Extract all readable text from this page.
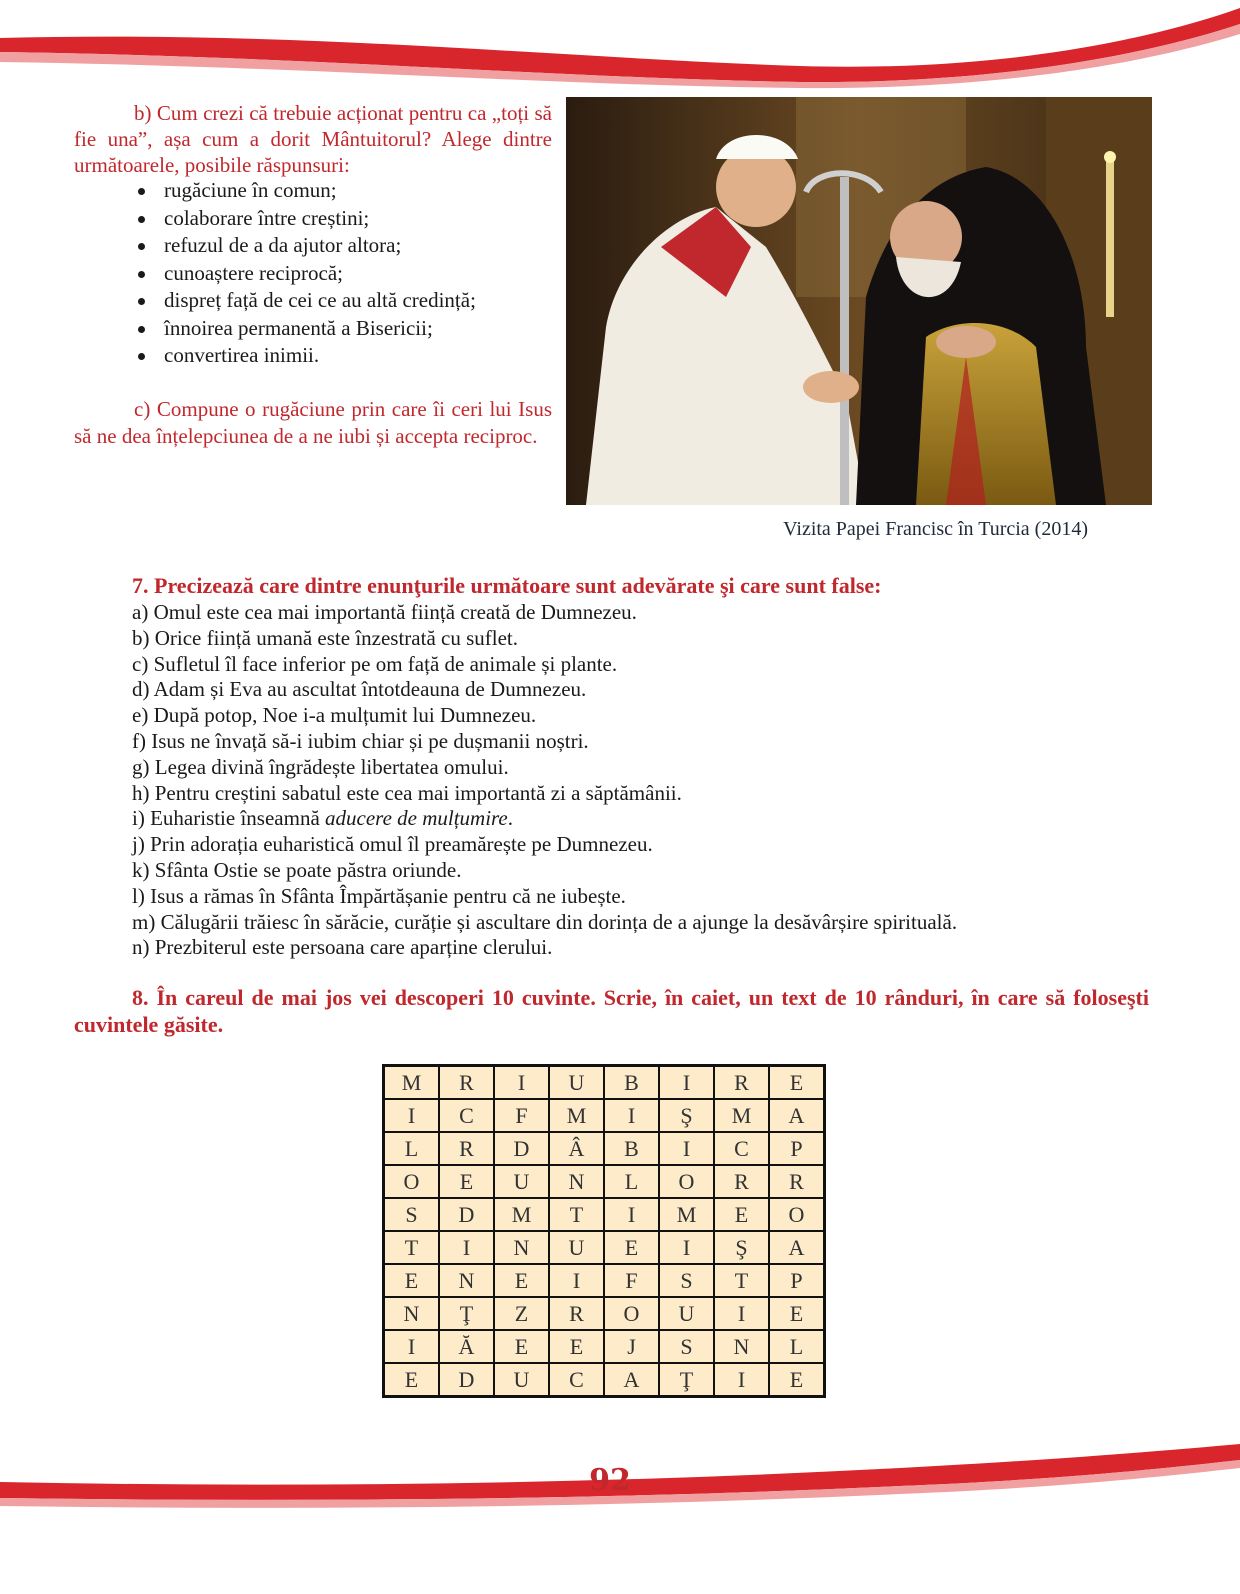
b) Cum crezi că trebuie acționat pentru ca „toți să fie una”, așa cum a dorit Mântuitorul? Alege dintre următoarele, posibile răspunsuri:
rugăciune în comun;
colaborare între creștini;
refuzul de a da ajutor altora;
cunoaștere reciprocă;
dispreț față de cei ce au altă credință;
înnoirea permanentă a Bisericii;
convertirea inimii.

c) Compune o rugăciune prin care îi ceri lui Isus să ne dea înțelepciunea de a ne iubi și accepta reciproc.

Vizita Papei Francisc în Turcia (2014)

7. Precizează care dintre enunţurile următoare sunt adevărate şi care sunt false:

a) Omul este cea mai importantă ființă creată de Dumnezeu.
b) Orice ființă umană este înzestrată cu suflet.
c) Sufletul îl face inferior pe om față de animale și plante.
d) Adam și Eva au ascultat întotdeauna de Dumnezeu.
e) După potop, Noe i-a mulțumit lui Dumnezeu.
f) Isus ne învață să-i iubim chiar și pe dușmanii noștri.
g) Legea divină îngrădește libertatea omului.
h) Pentru creștini sabatul este cea mai importantă zi a săptămânii.
i) Euharistie înseamnă aducere de mulțumire.
j) Prin adorația euharistică omul îl preamărește pe Dumnezeu.
k) Sfânta Ostie se poate păstra oriunde.
l) Isus a rămas în Sfânta Împărtășanie pentru că ne iubește.
m) Călugării trăiesc în sărăcie, curăție și ascultare din dorința de a ajunge la desăvârșire spirituală.
n) Prezbiterul este persoana care aparține clerului.

8. În careul de mai jos vei descoperi 10 cuvinte. Scrie, în caiet, un text de 10 rânduri, în care să foloseşti cuvintele găsite.

M	R	I	U	B	I	R	E
I	C	F	M	I	Ş	M	A
L	R	D	Â	B	I	C	P
O	E	U	N	L	O	R	R
S	D	M	T	I	M	E	O
T	I	N	U	E	I	Ş	A
E	N	E	I	F	S	T	P
N	Ţ	Z	R	O	U	I	E
I	Ă	E	E	J	S	N	L
E	D	U	C	A	Ţ	I	E
92
